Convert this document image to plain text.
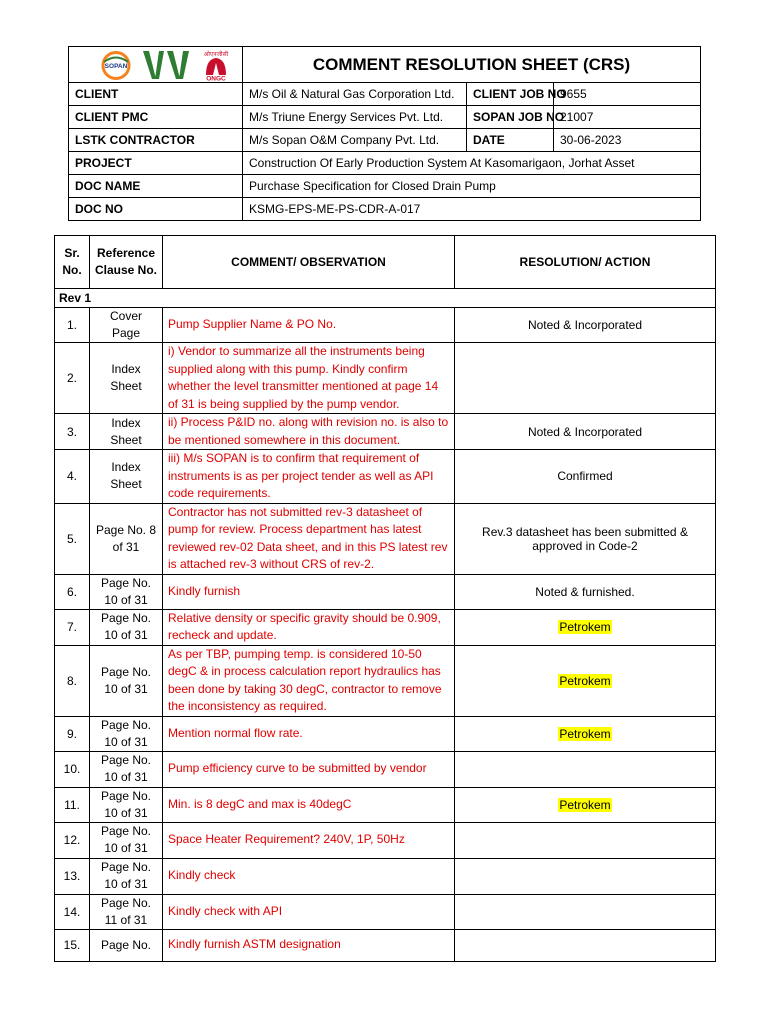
SOPAN
ओएनजीसी
ONGC	COMMENT RESOLUTION SHEET (CRS)		
CLIENT	M/s Oil & Natural Gas Corporation Ltd.	CLIENT JOB NO	9655
CLIENT PMC	M/s Triune Energy Services Pvt. Ltd.	SOPAN JOB NO	21007
LSTK CONTRACTOR	M/s Sopan O&M Company Pvt. Ltd.	DATE	30-06-2023
PROJECT	Construction Of Early Production System At Kasomarigaon, Jorhat Asset		
DOC NAME	Purchase Specification for Closed Drain Pump		
DOC NO	KSMG-EPS-ME-PS-CDR-A-017		
Sr. No.	Reference Clause No.	COMMENT/ OBSERVATION	RESOLUTION/ ACTION
Rev 1			
1.	Cover Page	Pump Supplier Name & PO No.	Noted & Incorporated
2.	Index Sheet	i) Vendor to summarize all the instruments being supplied along with this pump. Kindly confirm whether the level transmitter mentioned at page 14 of 31 is being supplied by the pump vendor.	
3.	Index Sheet	ii) Process P&ID no. along with revision no. is also to be mentioned somewhere in this document.	Noted & Incorporated
4.	Index Sheet	iii) M/s SOPAN is to confirm that requirement of instruments is as per project tender as well as API code requirements.	Confirmed
5.	Page No. 8 of 31	Contractor has not submitted rev-3 datasheet of pump for review. Process department has latest reviewed rev-02 Data sheet, and in this PS latest rev is attached rev-3 without CRS of rev-2.	Rev.3 datasheet has been submitted & approved in Code-2
6.	Page No. 10 of 31	Kindly furnish	Noted & furnished.
7.	Page No. 10 of 31	Relative density or specific gravity should be 0.909, recheck and update.	Petrokem
8.	Page No. 10 of 31	As per TBP, pumping temp. is considered 10-50 degC & in process calculation report hydraulics has been done by taking 30 degC, contractor to remove the inconsistency as required.	Petrokem
9.	Page No. 10 of 31	Mention normal flow rate.	Petrokem
10.	Page No. 10 of 31	Pump efficiency curve to be submitted by vendor	
11.	Page No. 10 of 31	Min. is 8 degC and max is 40degC	Petrokem
12.	Page No. 10 of 31	Space Heater Requirement? 240V, 1P, 50Hz	
13.	Page No. 10 of 31	Kindly check	
14.	Page No. 11 of 31	Kindly check with API	
15.	Page No.	Kindly furnish ASTM designation	
